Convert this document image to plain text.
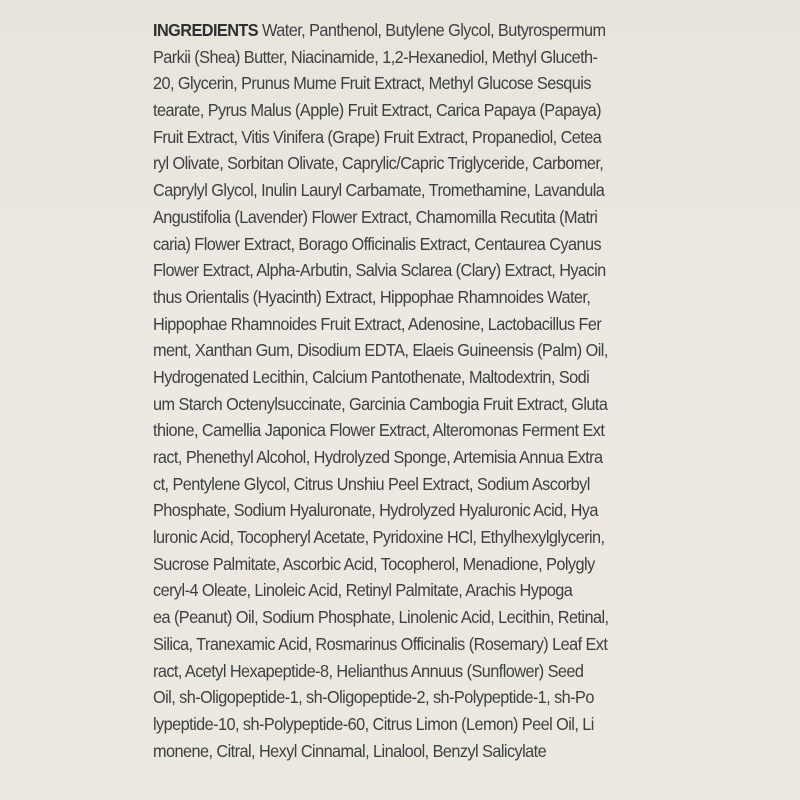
INGREDIENTS Water, Panthenol, Butylene Glycol, Butyrospermum
Parkii (Shea) Butter, Niacinamide, 1,2-Hexanediol, Methyl Gluceth-
20, Glycerin, Prunus Mume Fruit Extract, Methyl Glucose Sesquis
tearate, Pyrus Malus (Apple) Fruit Extract, Carica Papaya (Papaya)
Fruit Extract, Vitis Vinifera (Grape) Fruit Extract, Propanediol, Cetea
ryl Olivate, Sorbitan Olivate, Caprylic/Capric Triglyceride, Carbomer,
Caprylyl Glycol, Inulin Lauryl Carbamate, Tromethamine, Lavandula
Angustifolia (Lavender) Flower Extract, Chamomilla Recutita (Matri
caria) Flower Extract, Borago Officinalis Extract, Centaurea Cyanus
Flower Extract, Alpha-Arbutin, Salvia Sclarea (Clary) Extract, Hyacin
thus Orientalis (Hyacinth) Extract, Hippophae Rhamnoides Water,
Hippophae Rhamnoides Fruit Extract, Adenosine, Lactobacillus Fer
ment, Xanthan Gum, Disodium EDTA, Elaeis Guineensis (Palm) Oil,
Hydrogenated Lecithin, Calcium Pantothenate, Maltodextrin, Sodi
um Starch Octenylsuccinate, Garcinia Cambogia Fruit Extract, Gluta
thione, Camellia Japonica Flower Extract, Alteromonas Ferment Ext
ract, Phenethyl Alcohol, Hydrolyzed Sponge, Artemisia Annua Extra
ct, Pentylene Glycol, Citrus Unshiu Peel Extract, Sodium Ascorbyl
Phosphate, Sodium Hyaluronate, Hydrolyzed Hyaluronic Acid, Hya
luronic Acid, Tocopheryl Acetate, Pyridoxine HCl, Ethylhexylglycerin,
Sucrose Palmitate, Ascorbic Acid, Tocopherol, Menadione, Polygly
ceryl-4 Oleate, Linoleic Acid, Retinyl Palmitate, Arachis Hypoga
ea (Peanut) Oil, Sodium Phosphate, Linolenic Acid, Lecithin, Retinal,
Silica, Tranexamic Acid, Rosmarinus Officinalis (Rosemary) Leaf Ext
ract, Acetyl Hexapeptide-8, Helianthus Annuus (Sunflower) Seed
Oil, sh-Oligopeptide-1, sh-Oligopeptide-2, sh-Polypeptide-1, sh-Po
lypeptide-10, sh-Polypeptide-60, Citrus Limon (Lemon) Peel Oil, Li
monene, Citral, Hexyl Cinnamal, Linalool, Benzyl Salicylate
